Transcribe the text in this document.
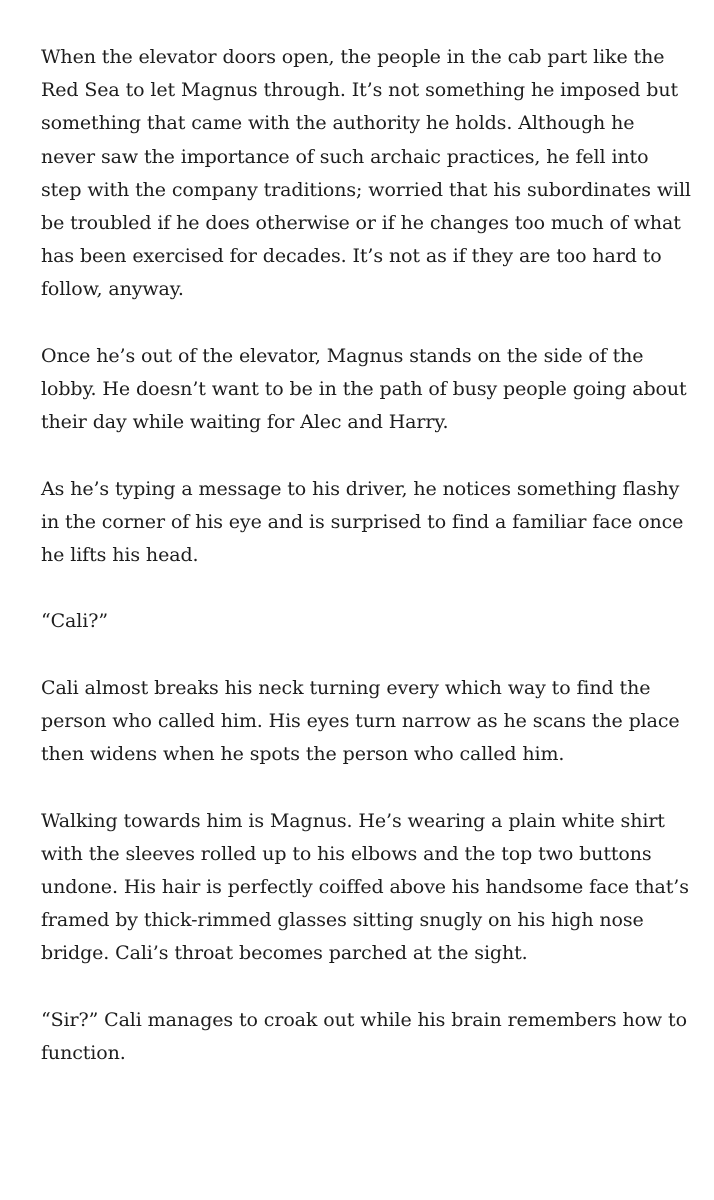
When the elevator doors open, the people in the cab part like the Red Sea to let Magnus through. It’s not something he imposed but something that came with the authority he holds. Although he never saw the importance of such archaic practices, he fell into step with the company traditions; worried that his subordinates will be troubled if he does otherwise or if he changes too much of what has been exercised for decades. It’s not as if they are too hard to follow, anyway.

Once he’s out of the elevator, Magnus stands on the side of the lobby. He doesn’t want to be in the path of busy people going about their day while waiting for Alec and Harry.

As he’s typing a message to his driver, he notices something flashy in the corner of his eye and is surprised to find a familiar face once he lifts his head.

“Cali?”

Cali almost breaks his neck turning every which way to find the person who called him. His eyes turn narrow as he scans the place then widens when he spots the person who called him.

Walking towards him is Magnus. He’s wearing a plain white shirt with the sleeves rolled up to his elbows and the top two buttons undone. His hair is perfectly coiffed above his handsome face that’s framed by thick-rimmed glasses sitting snugly on his high nose bridge. Cali’s throat becomes parched at the sight.

“Sir?” Cali manages to croak out while his brain remembers how to function.
